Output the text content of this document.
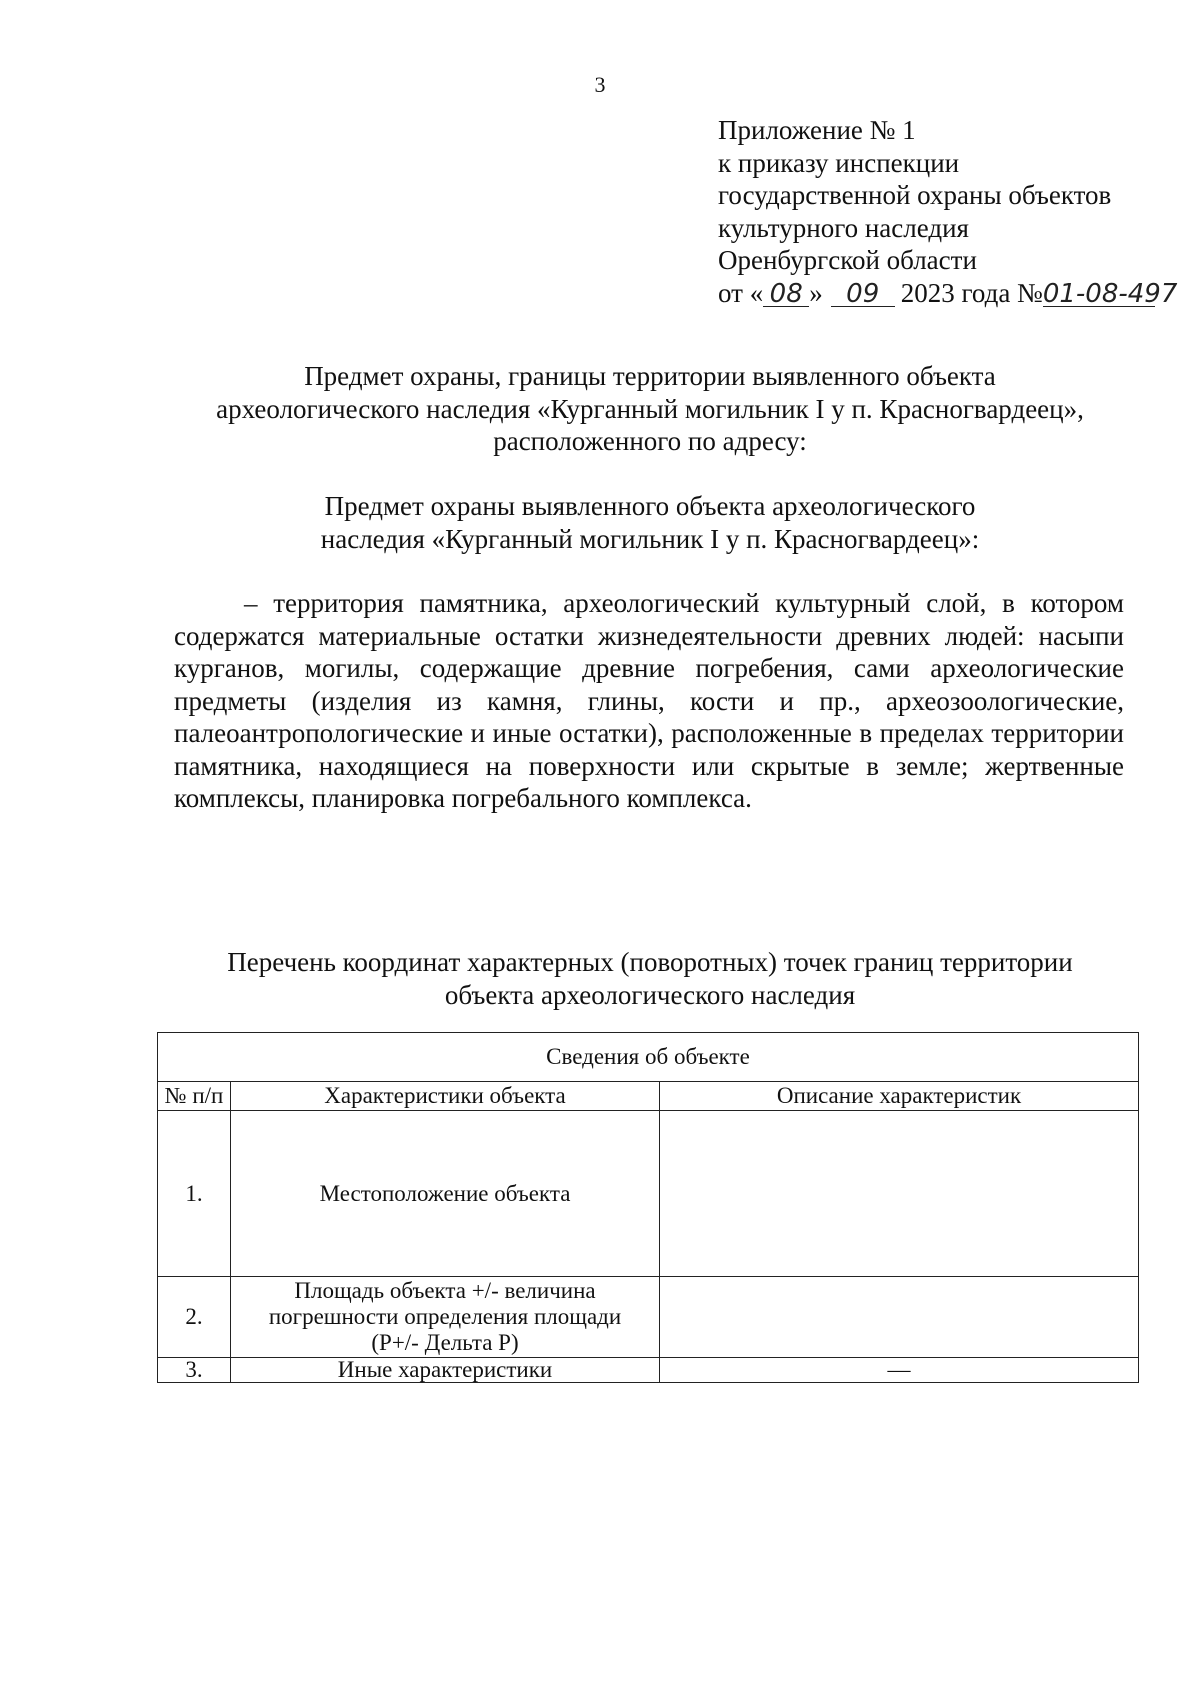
3
Приложение № 1
к приказу инспекции
государственной охраны объектов
культурного наследия
Оренбургской области
от « 08 » 09 2023 года №01-08-497
Предмет охраны, границы территории выявленного объекта
археологического наследия «Курганный могильник I у п. Красногвардеец»,
расположенного по адресу:
Предмет охраны выявленного объекта археологического
наследия «Курганный могильник I у п. Красногвардеец»:

– территория памятника, археологический культурный слой, в котором содержатся материальные остатки жизнедеятельности древних людей: насыпи курганов, могилы, содержащие древние погребения, сами археологические предметы (изделия из камня, глины, кости и пр., археозоологические, палеоантропологические и иные остатки), расположенные в пределах территории памятника, находящиеся на поверхности или скрытые в земле; жертвенные комплексы, планировка погребального комплекса.

Перечень координат характерных (поворотных) точек границ территории
объекта археологического наследия
Сведения об объекте		
№ п/п	Характеристики объекта	Описание характеристик
1.	Местоположение объекта	
2.	Площадь объекта +/- величина
погрешности определения площади
(P+/- Дельта P)	

3.	Иные характеристики	—
